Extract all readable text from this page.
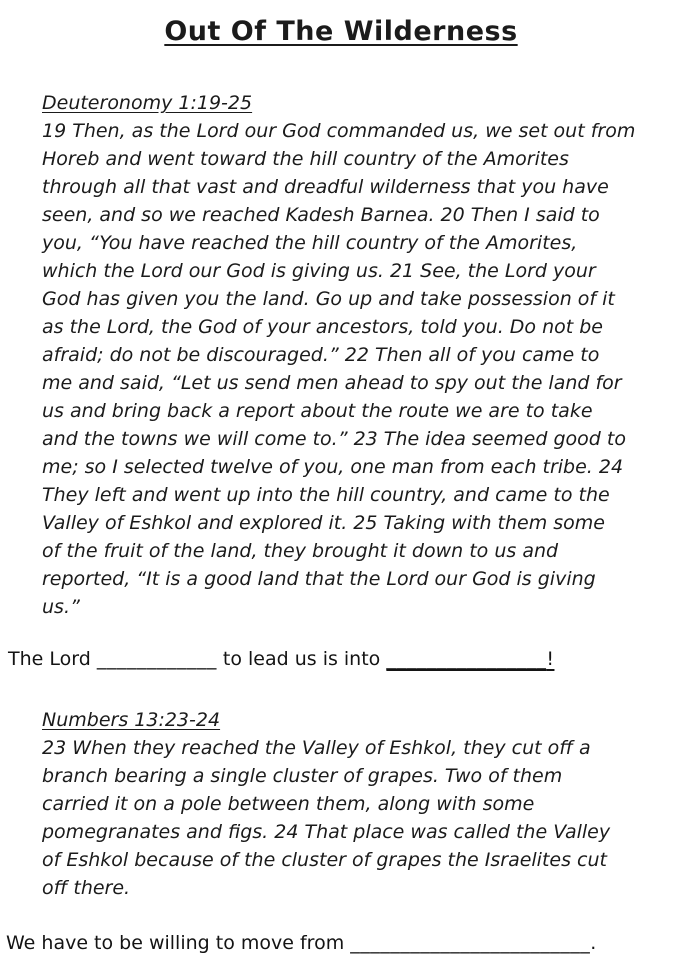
Out Of The Wilderness
Deuteronomy 1:19-25
19 Then, as the Lord our God commanded us, we set out from
Horeb and went toward the hill country of the Amorites
through all that vast and dreadful wilderness that you have
seen, and so we reached Kadesh Barnea. 20 Then I said to
you, “You have reached the hill country of the Amorites,
which the Lord our God is giving us. 21 See, the Lord your
God has given you the land. Go up and take possession of it
as the Lord, the God of your ancestors, told you. Do not be
afraid; do not be discouraged.” 22 Then all of you came to
me and said, “Let us send men ahead to spy out the land for
us and bring back a report about the route we are to take
and the towns we will come to.” 23 The idea seemed good to
me; so I selected twelve of you, one man from each tribe. 24
They left and went up into the hill country, and came to the
Valley of Eshkol and explored it. 25 Taking with them some
of the fruit of the land, they brought it down to us and
reported, “It is a good land that the Lord our God is giving
us.”

The Lord ____________ to lead us is into ________________!

Numbers 13:23-24
23 When they reached the Valley of Eshkol, they cut off a
branch bearing a single cluster of grapes. Two of them
carried it on a pole between them, along with some
pomegranates and figs. 24 That place was called the Valley
of Eshkol because of the cluster of grapes the Israelites cut
off there.

We have to be willing to move from ________________________.
